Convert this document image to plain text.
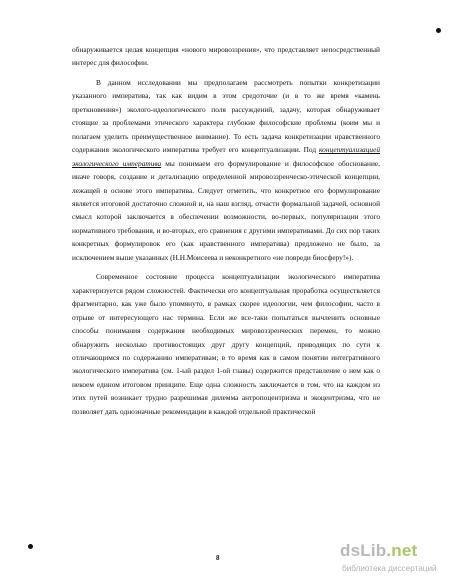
обнаруживается целая концепция «нового мировоззрения», что представляет непосредственный интерес для философии.

В данном исследовании мы предполагаем рассмотреть попытки конкретизации указанного императива, так как видим в этом средоточие (и в то же время «камень преткновения») эколого-идеологического поля рассуждений, задачу, которая обнаруживает стоящие за проблемами этического характера глубокие философские проблемы (коим мы и полагаем уделить преимущественное внимание). То есть задача конкретизации нравственного содержания экологического императива требует его концептуализации. Под концептуализацией экологического императива мы понимаем его формулирование и философское обоснование, иначе говоря, создание и детализацию определенной мировоззренческо-этической концепции, лежащей в основе этого императива. Следует отметить, что конкретное его формулирование является итоговой достаточно сложной и, на наш взгляд, отчасти формальной задачей, основной смысл которой заключается в обеспечении возможности, во-первых, популяризации этого нормативного требования, и во-вторых, его сравнения с другими императивами. До сих пор таких конкретных формулировок его (как нравственного императива) предложено не было, за исключением выше указанных (Н.Н.Моисеева и неконкретного «не повреди биосферу!»).

Современное состояние процесса концептуализации экологического императива характеризуется рядом сложностей. Фактически его концептуальная проработка осуществляется фрагментарно, как уже было упомянуто, в рамках скорее идеологии, чем философии, часто в отрыве от интересующего нас термина. Если же все-таки попытаться вычленить основные способы понимания содержания необходимых мировоззренческих перемен, то можно обнаружить несколько противостоящих друг другу концепций, приводящих по сути к отличающимся по содержанию императивам; в то время как в самом понятии интегративного экологического императива (см. 1-ый раздел 1-ой главы) содержится представление о нем как о некоем едином итоговом принципе. Еще одна сложность заключается в том, что на каждом из этих путей возникает трудно разрешимая дилемма антропоцентризма и экоцентризма, что не позволяет дать однозначные рекомендации в каждой отдельной практической

8	dsLib.net
библиотека диссертаций
